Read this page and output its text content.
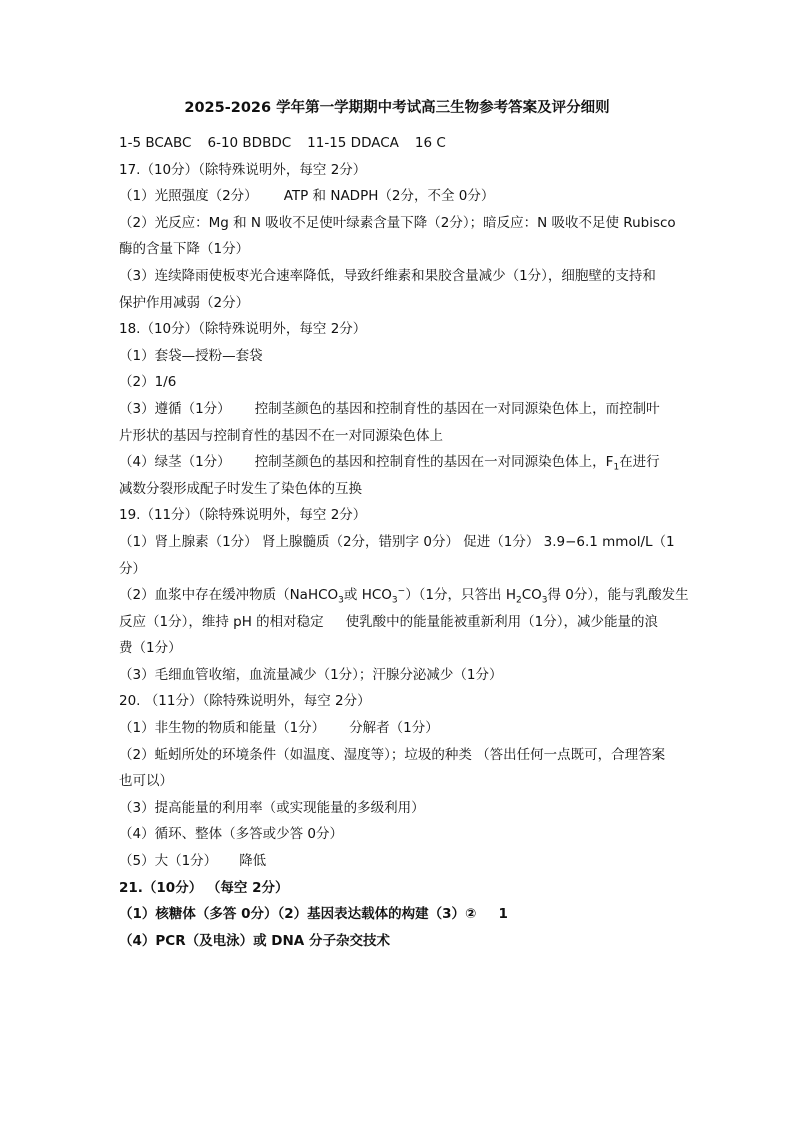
2025-2026 学年第一学期期中考试高三生物参考答案及评分细则
1-5 BCABC 6-10 BDBDC 11-15 DDACA 16 C
17.（10分）（除特殊说明外，每空 2分）
（1）光照强度（2分） ATP 和 NADPH（2分，不全 0分）
（2）光反应：Mg 和 N 吸收不足使叶绿素含量下降（2分）；暗反应：N 吸收不足使 Rubisco
酶的含量下降（1分）
（3）连续降雨使板枣光合速率降低，导致纤维素和果胶含量减少（1分），细胞壁的支持和
保护作用减弱（2分）
18.（10分）（除特殊说明外，每空 2分）
（1）套袋—授粉—套袋
（2）1/6
（3）遵循（1分） 控制茎颜色的基因和控制育性的基因在一对同源染色体上，而控制叶
片形状的基因与控制育性的基因不在一对同源染色体上
（4）绿茎（1分） 控制茎颜色的基因和控制育性的基因在一对同源染色体上，$F_1$在进行
减数分裂形成配子时发生了染色体的互换
19.（11分）（除特殊说明外，每空 2分）
（1）肾上腺素（1分） 肾上腺髓质（2分，错别字 0分） 促进（1分） 3.9−6.1 mmol/L（1
分）
（2）血浆中存在缓冲物质（NaHCO$_3$或 $HCO_3^-)(1$分，只答出 $H_2CO_3$得 0分），能与乳酸发生
反应（1分），维持 pH 的相对稳定 使乳酸中的能量能被重新利用（1分），减少能量的浪
费（1分）
（3）毛细血管收缩，血流量减少（1分）；汗腺分泌减少（1分）
20. （11分）（除特殊说明外，每空 2分）
（1）非生物的物质和能量（1分） 分解者（1分）
（2）蚯蚓所处的环境条件（如温度、湿度等）；垃圾的种类 （答出任何一点既可，合理答案
也可以）
（3）提高能量的利用率（或实现能量的多级利用）
（4）循环、整体（多答或少答 0分）
（5）大（1分） 降低
21.（10分） （每空 2分）
（1）核糖体（多答 0分）（2）基因表达载体的构建（3）② 1
（4）PCR（及电泳）或 DNA 分子杂交技术
